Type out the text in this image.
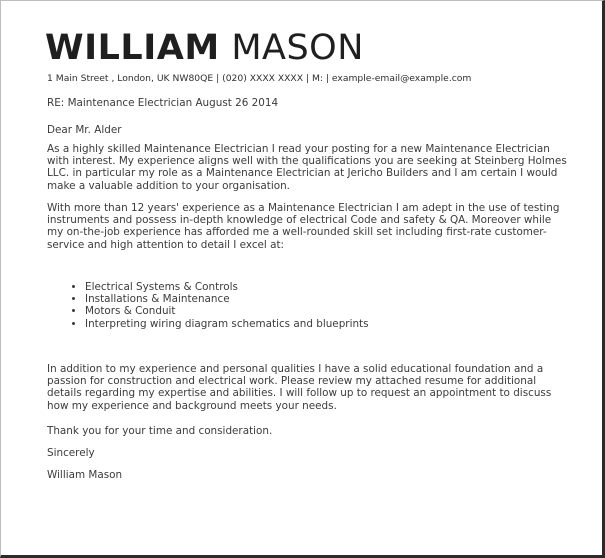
WILLIAM MASON
1 Main Street , London, UK NW80QE | (020) XXXX XXXX | M: | example-email@example.com
RE: Maintenance Electrician August 26 2014
Dear Mr. Alder
As a highly skilled Maintenance Electrician I read your posting for a new Maintenance Electrician with interest. My experience aligns well with the qualifications you are seeking at Steinberg Holmes LLC. in particular my role as a Maintenance Electrician at Jericho Builders and I am certain I would make a valuable addition to your organisation.
With more than 12 years' experience as a Maintenance Electrician I am adept in the use of testing instruments and possess in-depth knowledge of electrical Code and safety & QA. Moreover while my on-the-job experience has afforded me a well-rounded skill set including first-rate customer-service and high attention to detail I excel at:
• Electrical Systems & Controls
• Installations & Maintenance
• Motors & Conduit
• Interpreting wiring diagram schematics and blueprints
In addition to my experience and personal qualities I have a solid educational foundation and a passion for construction and electrical work. Please review my attached resume for additional details regarding my expertise and abilities. I will follow up to request an appointment to discuss how my experience and background meets your needs.
Thank you for your time and consideration.
Sincerely
William Mason
